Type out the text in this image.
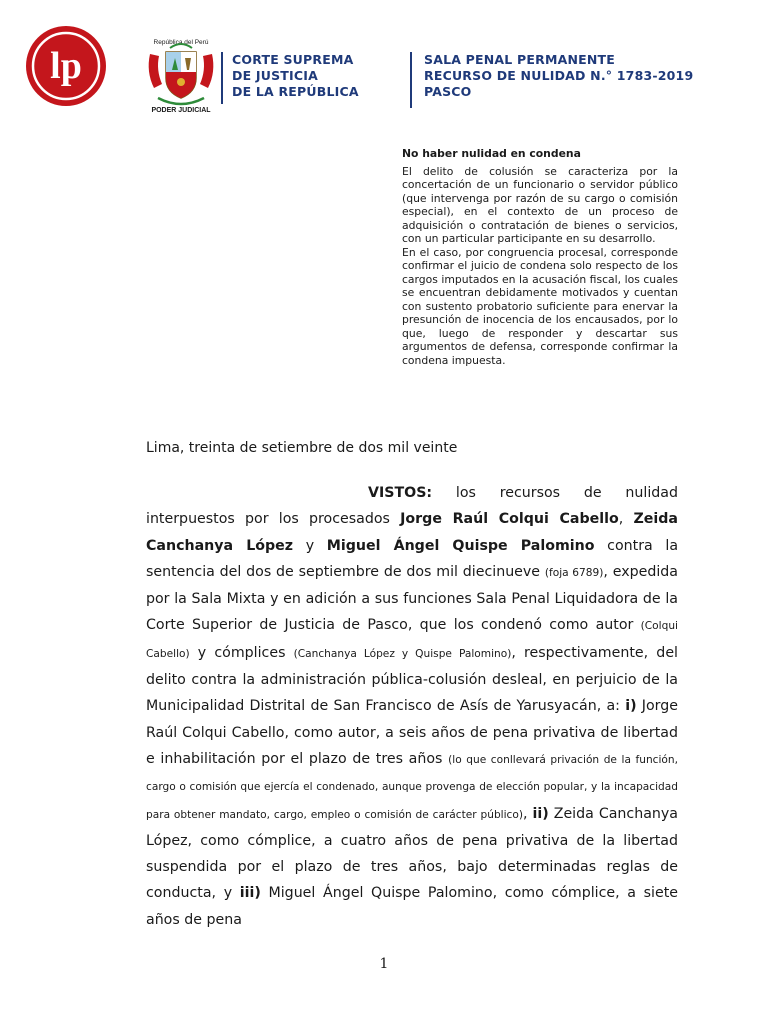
lp
República del Perú
PODER JUDICIAL
CORTE SUPREMA
DE JUSTICIA
DE LA REPÚBLICA
SALA PENAL PERMANENTE
RECURSO DE NULIDAD N.° 1783-2019
PASCO
No haber nulidad en condena

El delito de colusión se caracteriza por la concertación de un funcionario o servidor público (que intervenga por razón de su cargo o comisión especial), en el contexto de un proceso de adquisición o contratación de bienes o servicios, con un particular participante en su desarrollo.

En el caso, por congruencia procesal, corresponde confirmar el juicio de condena solo respecto de los cargos imputados en la acusación fiscal, los cuales se encuentran debidamente motivados y cuentan con sustento probatorio suficiente para enervar la presunción de inocencia de los encausados, por lo que, luego de responder y descartar sus argumentos de defensa, corresponde confirmar la condena impuesta.

Lima, treinta de setiembre de dos mil veinte

VISTOS: los recursos de nulidad interpuestos por los procesados Jorge Raúl Colqui Cabello, Zeida Canchanya López y Miguel Ángel Quispe Palomino contra la sentencia del dos de septiembre de dos mil diecinueve (foja 6789), expedida por la Sala Mixta y en adición a sus funciones Sala Penal Liquidadora de la Corte Superior de Justicia de Pasco, que los condenó como autor (Colqui Cabello) y cómplices (Canchanya López y Quispe Palomino), respectivamente, del delito contra la administración pública-colusión desleal, en perjuicio de la Municipalidad Distrital de San Francisco de Asís de Yarusyacán, a: i) Jorge Raúl Colqui Cabello, como autor, a seis años de pena privativa de libertad e inhabilitación por el plazo de tres años (lo que conllevará privación de la función, cargo o comisión que ejercía el condenado, aunque provenga de elección popular, y la incapacidad para obtener mandato, cargo, empleo o comisión de carácter público), ii) Zeida Canchanya López, como cómplice, a cuatro años de pena privativa de la libertad suspendida por el plazo de tres años, bajo determinadas reglas de conducta, y iii) Miguel Ángel Quispe Palomino, como cómplice, a siete años de pena

1
